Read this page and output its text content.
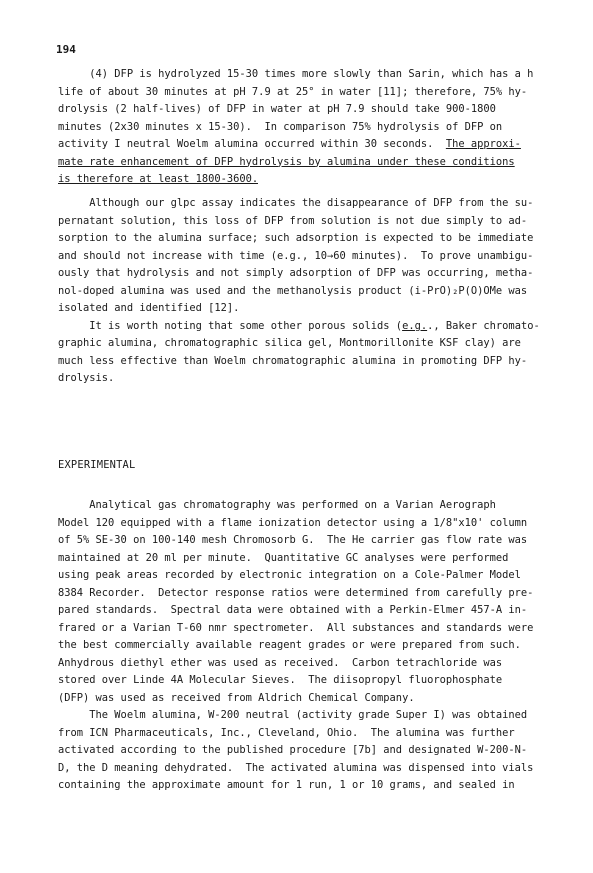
194
(4) DFP is hydrolyzed 15-30 times more slowly than Sarin, which has a h
life of about 30 minutes at pH 7.9 at 25° in water [11]; therefore, 75% hy-
drolysis (2 half-lives) of DFP in water at pH 7.9 should take 900-1800
minutes (2x30 minutes x 15-30).  In comparison 75% hydrolysis of DFP on
activity I neutral Woelm alumina occurred within 30 seconds.  The approxi-
mate rate enhancement of DFP hydrolysis by alumina under these conditions
is therefore at least 1800-3600.
Although our glpc assay indicates the disappearance of DFP from the su-
pernatant solution, this loss of DFP from solution is not due simply to ad-
sorption to the alumina surface; such adsorption is expected to be immediate
and should not increase with time (e.g., 10→60 minutes).  To prove unambigu-
ously that hydrolysis and not simply adsorption of DFP was occurring, metha-
nol-doped alumina was used and the methanolysis product (i-PrO)₂P(O)OMe was
isolated and identified [12].
It is worth noting that some other porous solids (e.g.., Baker chromato-
graphic alumina, chromatographic silica gel, Montmorillonite KSF clay) are
much less effective than Woelm chromatographic alumina in promoting DFP hy-
drolysis.
EXPERIMENTAL
Analytical gas chromatography was performed on a Varian Aerograph
Model 120 equipped with a flame ionization detector using a 1/8"x10' column
of 5% SE-30 on 100-140 mesh Chromosorb G.  The He carrier gas flow rate was
maintained at 20 ml per minute.  Quantitative GC analyses were performed
using peak areas recorded by electronic integration on a Cole-Palmer Model
8384 Recorder.  Detector response ratios were determined from carefully pre-
pared standards.  Spectral data were obtained with a Perkin-Elmer 457-A in-
frared or a Varian T-60 nmr spectrometer.  All substances and standards were
the best commercially available reagent grades or were prepared from such.
Anhydrous diethyl ether was used as received.  Carbon tetrachloride was
stored over Linde 4A Molecular Sieves.  The diisopropyl fluorophosphate
(DFP) was used as received from Aldrich Chemical Company.
The Woelm alumina, W-200 neutral (activity grade Super I) was obtained
from ICN Pharmaceuticals, Inc., Cleveland, Ohio.  The alumina was further
activated according to the published procedure [7b] and designated W-200-N-
D, the D meaning dehydrated.  The activated alumina was dispensed into vials
containing the approximate amount for 1 run, 1 or 10 grams, and sealed in
